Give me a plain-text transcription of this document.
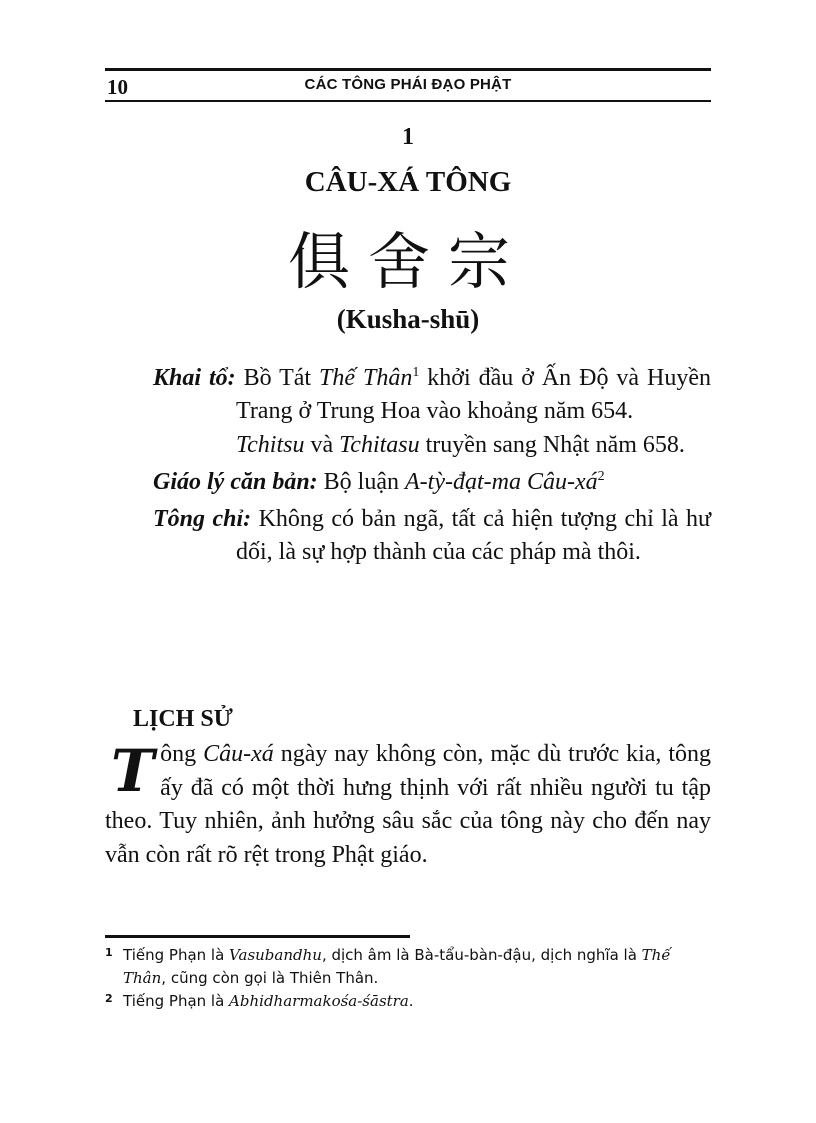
10	CÁC TÔNG PHÁI ĐẠO PHẬT
1
CÂU-XÁ TÔNG
俱舍宗
(Kusha-shū)

Khai tổ: Bồ Tát Thế Thân$^1$ khởi đầu ở Ấn Độ và Huyền Trang ở Trung Hoa vào khoảng năm 654.

Tchitsu và Tchitasu truyền sang Nhật năm 658.

Giáo lý căn bản: Bộ luận A-tỳ-đạt-ma Câu-$xá^2$

Tông chỉ: Không có bản ngã, tất cả hiện tượng chỉ là hư dối, là sự hợp thành của các pháp mà thôi.

LỊCH SỬ
Tông Câu-xá ngày nay không còn, mặc dù trước kia, tông ấy đã có một thời hưng thịnh với rất nhiều người tu tập theo. Tuy nhiên, ảnh hưởng sâu sắc của tông này cho đến nay vẫn còn rất rõ rệt trong Phật giáo.
1 Tiếng Phạn là Vasubandhu, dịch âm là Bà-tẩu-bàn-đậu, dịch nghĩa là Thế Thân, cũng còn gọi là Thiên Thân.
2 Tiếng Phạn là Abhidharmakośa-śāstra.
